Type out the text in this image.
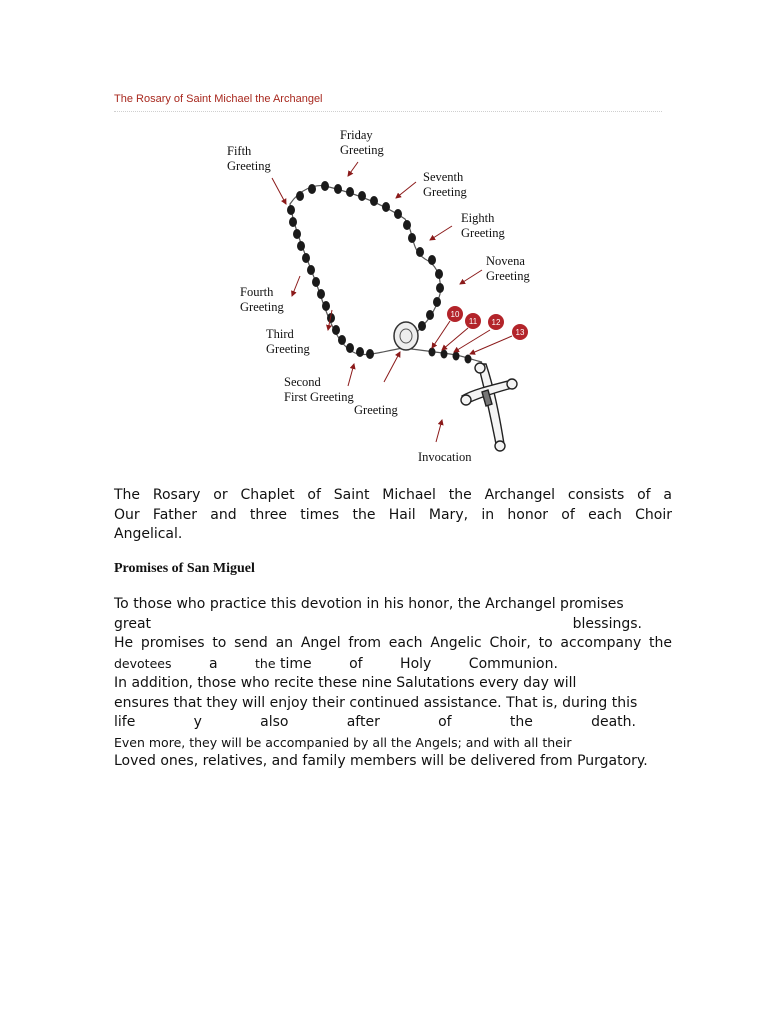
The Rosary of Saint Michael the Archangel
10
11 12
13
Friday
Greeting
Fifth
Greeting
Seventh
Greeting
Eighth
Greeting
Novena
Greeting
Fourth
Greeting
Third
Greeting
Second
First Greeting
Greeting
Invocation
The Rosary or Chaplet of Saint Michael the Archangel consists of a
Our Father and three times the Hail Mary, in honor of each Choir
Angelical.
Promises of San Miguel
To those who practice this devotion in his honor, the Archangel promises
great	blessings.
He promises to send an Angel from each Angelic Choir, to accompany the
devotees	a	the time	of	Holy	Communion.
In addition, those who recite these nine Salutations every day will
ensures that they will enjoy their continued assistance. That is, during this
life	y	also	after	of	the	death.
Even more, they will be accompanied by all the Angels; and with all their
Loved ones, relatives, and family members will be delivered from Purgatory.
